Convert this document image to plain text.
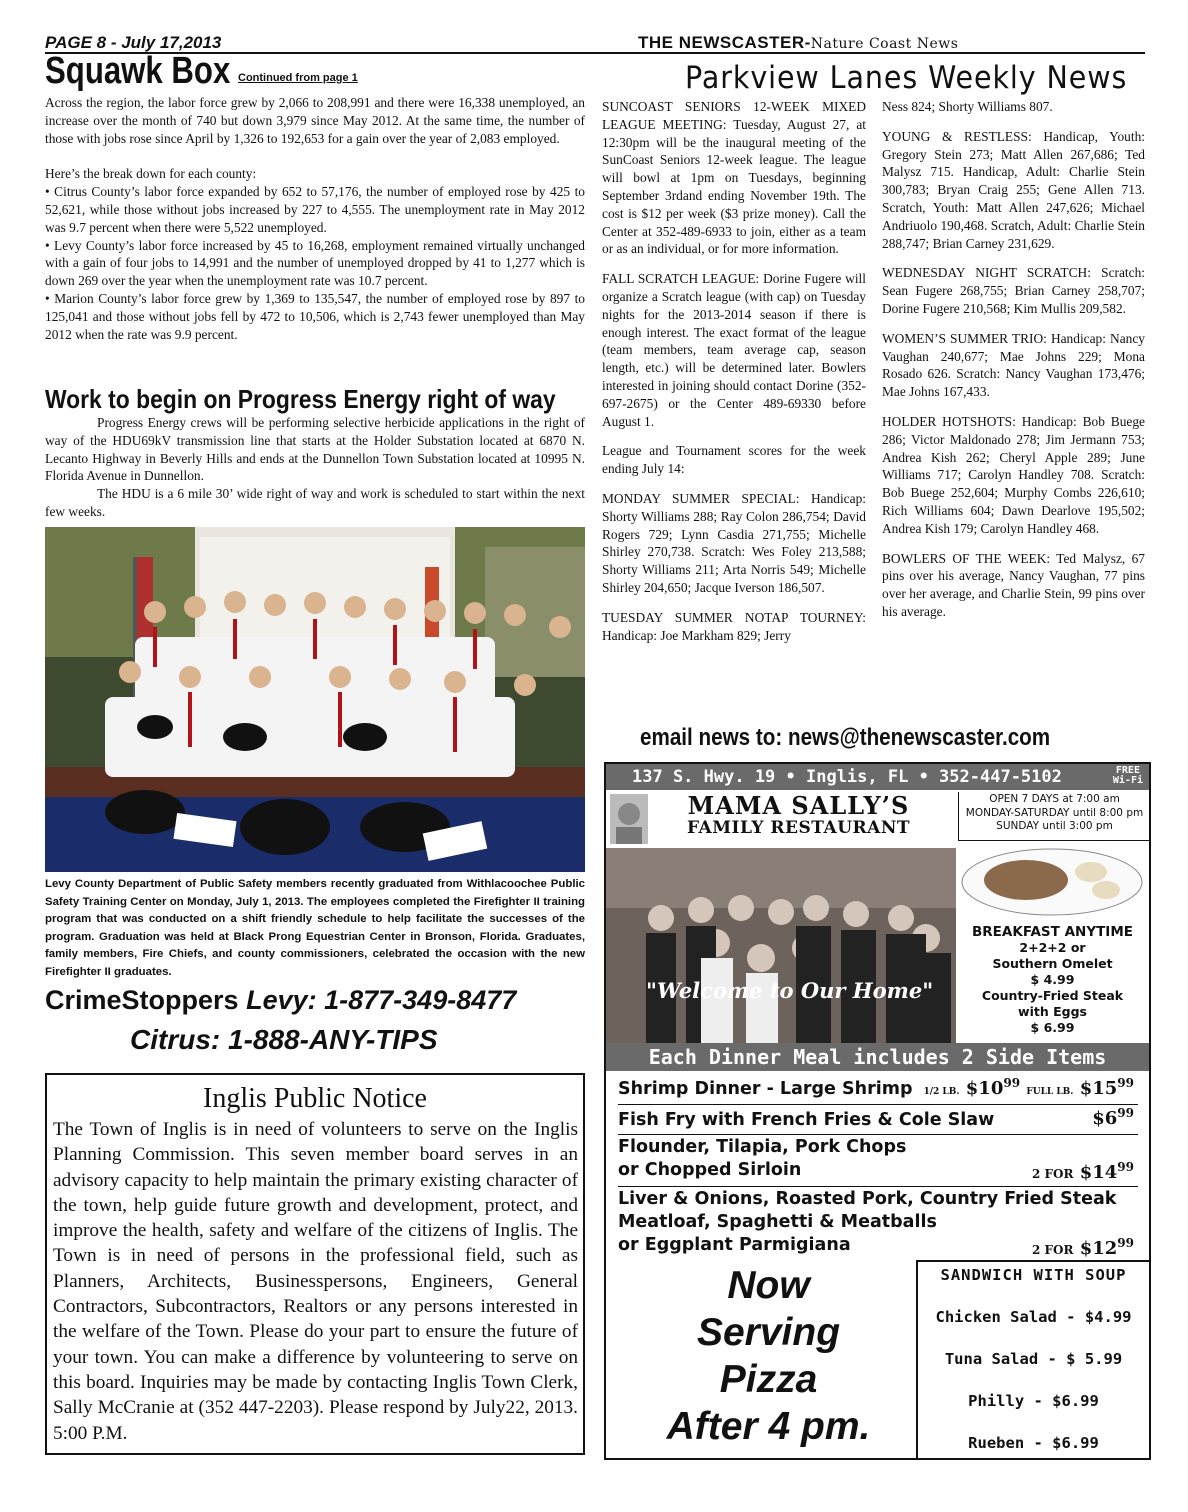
PAGE 8 - July 17,2013	THE NEWSCASTER-Nature Coast News
Squawk Box Continued from page 1

Across the region, the labor force grew by 2,066 to 208,991 and there were 16,338 unemployed, an increase over the month of 740 but down 3,979 since May 2012. At the same time, the number of those with jobs rose since April by 1,326 to 192,653 for a gain over the year of 2,083 employed.

Here’s the break down for each county:

• Citrus County’s labor force expanded by 652 to 57,176, the number of employed rose by 425 to 52,621, while those without jobs increased by 227 to 4,555. The unemployment rate in May 2012 was 9.7 percent when there were 5,522 unemployed.

• Levy County’s labor force increased by 45 to 16,268, employment remained virtually unchanged with a gain of four jobs to 14,991 and the number of unemployed dropped by 41 to 1,277 which is down 269 over the year when the unemployment rate was 10.7 percent.

• Marion County’s labor force grew by 1,369 to 135,547, the number of employed rose by 897 to 125,041 and those without jobs fell by 472 to 10,506, which is 2,743 fewer unemployed than May 2012 when the rate was 9.9 percent.

Work to begin on Progress Energy right of way

Progress Energy crews will be performing selective herbicide applications in the right of way of the HDU69kV transmission line that starts at the Holder Substation located at 6870 N. Lecanto Highway in Beverly Hills and ends at the Dunnellon Town Substation located at 10995 N. Florida Avenue in Dunnellon.

The HDU is a 6 mile 30’ wide right of way and work is scheduled to start within the next few weeks.

Levy County Department of Public Safety members recently graduated from Withlacoochee Public Safety Training Center on Monday, July 1, 2013. The employees completed the Firefighter II training program that was conducted on a shift friendly schedule to help facilitate the successes of the program. Graduation was held at Black Prong Equestrian Center in Bronson, Florida. Graduates, family members, Fire Chiefs, and county commissioners, celebrated the occasion with the new Firefighter II graduates.
CrimeStoppers Levy: 1-877-349-8477
Citrus: 1-888-ANY-TIPS
Inglis Public Notice
The Town of Inglis is in need of volunteers to serve on the Inglis Planning Commission. This seven member board serves in an advisory capacity to help maintain the primary existing character of the town, help guide future growth and development, protect, and improve the health, safety and welfare of the citizens of Inglis. The Town is in need of persons in the professional field, such as Planners, Architects, Businesspersons, Engineers, General Contractors, Subcontractors, Realtors or any persons interested in the welfare of the Town. Please do your part to ensure the future of your town. You can make a difference by volunteering to serve on this board. Inquiries may be made by contacting Inglis Town Clerk, Sally McCranie at (352 447-2203). Please respond by July22, 2013. 5:00 P.M.
Parkview Lanes Weekly News

SUNCOAST SENIORS 12-WEEK MIXED LEAGUE MEETING: Tuesday, August 27, at 12:30pm will be the inaugural meeting of the SunCoast Seniors 12-week league. The league will bowl at 1pm on Tuesdays, beginning September 3rdand ending November 19th. The cost is $12 per week ($3 prize money). Call the Center at 352-489-6933 to join, either as a team or as an individual, or for more information.

FALL SCRATCH LEAGUE: Dorine Fugere will organize a Scratch league (with cap) on Tuesday nights for the 2013-2014 season if there is enough interest. The exact format of the league (team members, team average cap, season length, etc.) will be determined later. Bowlers interested in joining should contact Dorine (352-697-2675) or the Center 489-69330 before August 1.

League and Tournament scores for the week ending July 14:

MONDAY SUMMER SPECIAL: Handicap: Shorty Williams 288; Ray Colon 286,754; David Rogers 729; Lynn Casdia 271,755; Michelle Shirley 270,738. Scratch: Wes Foley 213,588; Shorty Williams 211; Arta Norris 549; Michelle Shirley 204,650; Jacque Iverson 186,507.

TUESDAY SUMMER NOTAP TOURNEY: Handicap: Joe Markham 829; Jerry

Ness 824; Shorty Williams 807.

YOUNG & RESTLESS: Handicap, Youth: Gregory Stein 273; Matt Allen 267,686; Ted Malysz 715. Handicap, Adult: Charlie Stein 300,783; Bryan Craig 255; Gene Allen 713. Scratch, Youth: Matt Allen 247,626; Michael Andriuolo 190,468. Scratch, Adult: Charlie Stein 288,747; Brian Carney 231,629.

WEDNESDAY NIGHT SCRATCH: Scratch: Sean Fugere 268,755; Brian Carney 258,707; Dorine Fugere 210,568; Kim Mullis 209,582.

WOMEN’S SUMMER TRIO: Handicap: Nancy Vaughan 240,677; Mae Johns 229; Mona Rosado 626. Scratch: Nancy Vaughan 173,476; Mae Johns 167,433.

HOLDER HOTSHOTS: Handicap: Bob Buege 286; Victor Maldonado 278; Jim Jermann 753; Andrea Kish 262; Cheryl Apple 289; June Williams 717; Carolyn Handley 708. Scratch: Bob Buege 252,604; Murphy Combs 226,610; Rich Williams 604; Dawn Dearlove 195,502; Andrea Kish 179; Carolyn Handley 468.

BOWLERS OF THE WEEK: Ted Malysz, 67 pins over his average, Nancy Vaughan, 77 pins over her average, and Charlie Stein, 99 pins over his average.

email news to: news@thenewscaster.com
137 S. Hwy. 19 • Inglis, FL • 352-447-5102	FREE
Wi-Fi
MAMA SALLY’S
FAMILY RESTAURANT
OPEN 7 DAYS at 7:00 am
MONDAY-SATURDAY until 8:00 pm
SUNDAY until 3:00 pm
"Welcome to Our Home"
BREAKFAST ANYTIME
2+2+2 or
Southern Omelet
$ 4.99
Country-Fried Steak
with Eggs
$ 6.99
Each Dinner Meal includes 2 Side Items
Shrimp Dinner - Large Shrimp 1/2 LB. $\$10^{99}$ FULL LB. $\$15^{99}$
Fish Fry with French Fries & Cole Slaw	$\$6^{99}$
Flounder, Tilapia, Pork Chops
or Chopped Sirloin	2 FOR $\$14^{99}$
Liver & Onions, Roasted Pork, Country Fried Steak
Meatloaf, Spaghetti & Meatballs
or Eggplant Parmigiana	2 FOR $\$12^{99}$
Now
Serving
Pizza
After 4 pm.
SANDWICH WITH SOUP
Chicken Salad - $4.99
Tuna Salad - $ 5.99
Philly - $6.99
Rueben - $6.99
